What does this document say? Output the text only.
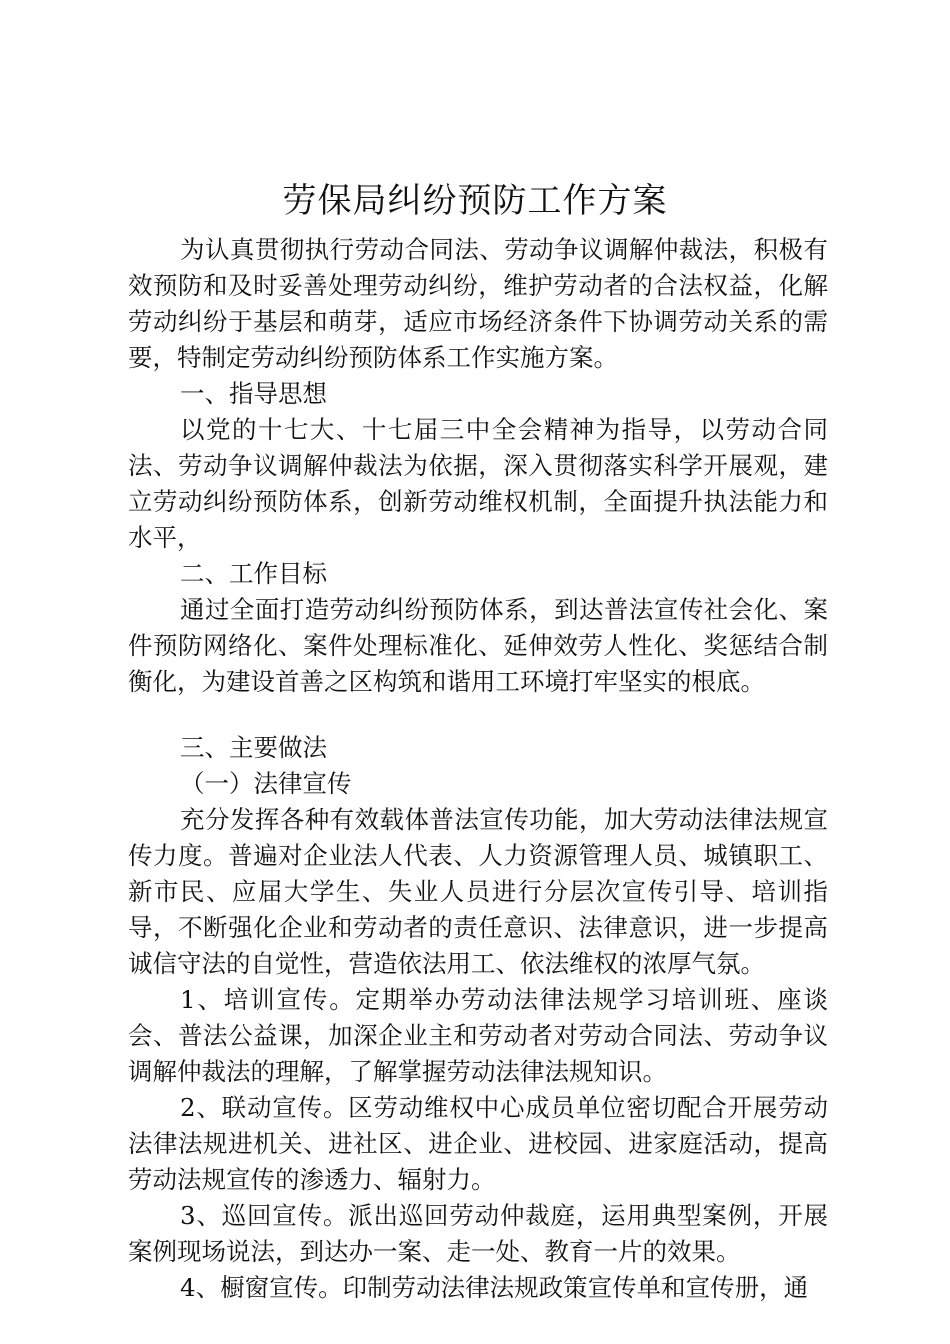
劳保局纠纷预防工作方案

为认真贯彻执行劳动合同法、劳动争议调解仲裁法，积极有效预防和及时妥善处理劳动纠纷，维护劳动者的合法权益，化解劳动纠纷于基层和萌芽，适应市场经济条件下协调劳动关系的需要，特制定劳动纠纷预防体系工作实施方案。

一、指导思想

以党的十七大、十七届三中全会精神为指导，以劳动合同法、劳动争议调解仲裁法为依据，深入贯彻落实科学开展观，建立劳动纠纷预防体系，创新劳动维权机制，全面提升执法能力和水平，

二、工作目标

通过全面打造劳动纠纷预防体系，到达普法宣传社会化、案件预防网络化、案件处理标准化、延伸效劳人性化、奖惩结合制衡化，为建设首善之区构筑和谐用工环境打牢坚实的根底。

三、主要做法

（一）法律宣传

充分发挥各种有效载体普法宣传功能，加大劳动法律法规宣传力度。普遍对企业法人代表、人力资源管理人员、城镇职工、新市民、应届大学生、失业人员进行分层次宣传引导、培训指导，不断强化企业和劳动者的责任意识、法律意识，进一步提高诚信守法的自觉性，营造依法用工、依法维权的浓厚气氛。

1、培训宣传。定期举办劳动法律法规学习培训班、座谈会、普法公益课，加深企业主和劳动者对劳动合同法、劳动争议调解仲裁法的理解，了解掌握劳动法律法规知识。

2、联动宣传。区劳动维权中心成员单位密切配合开展劳动法律法规进机关、进社区、进企业、进校园、进家庭活动，提高劳动法规宣传的渗透力、辐射力。

3、巡回宣传。派出巡回劳动仲裁庭，运用典型案例，开展案例现场说法，到达办一案、走一处、教育一片的效果。

4、橱窗宣传。印制劳动法律法规政策宣传单和宣传册，通
